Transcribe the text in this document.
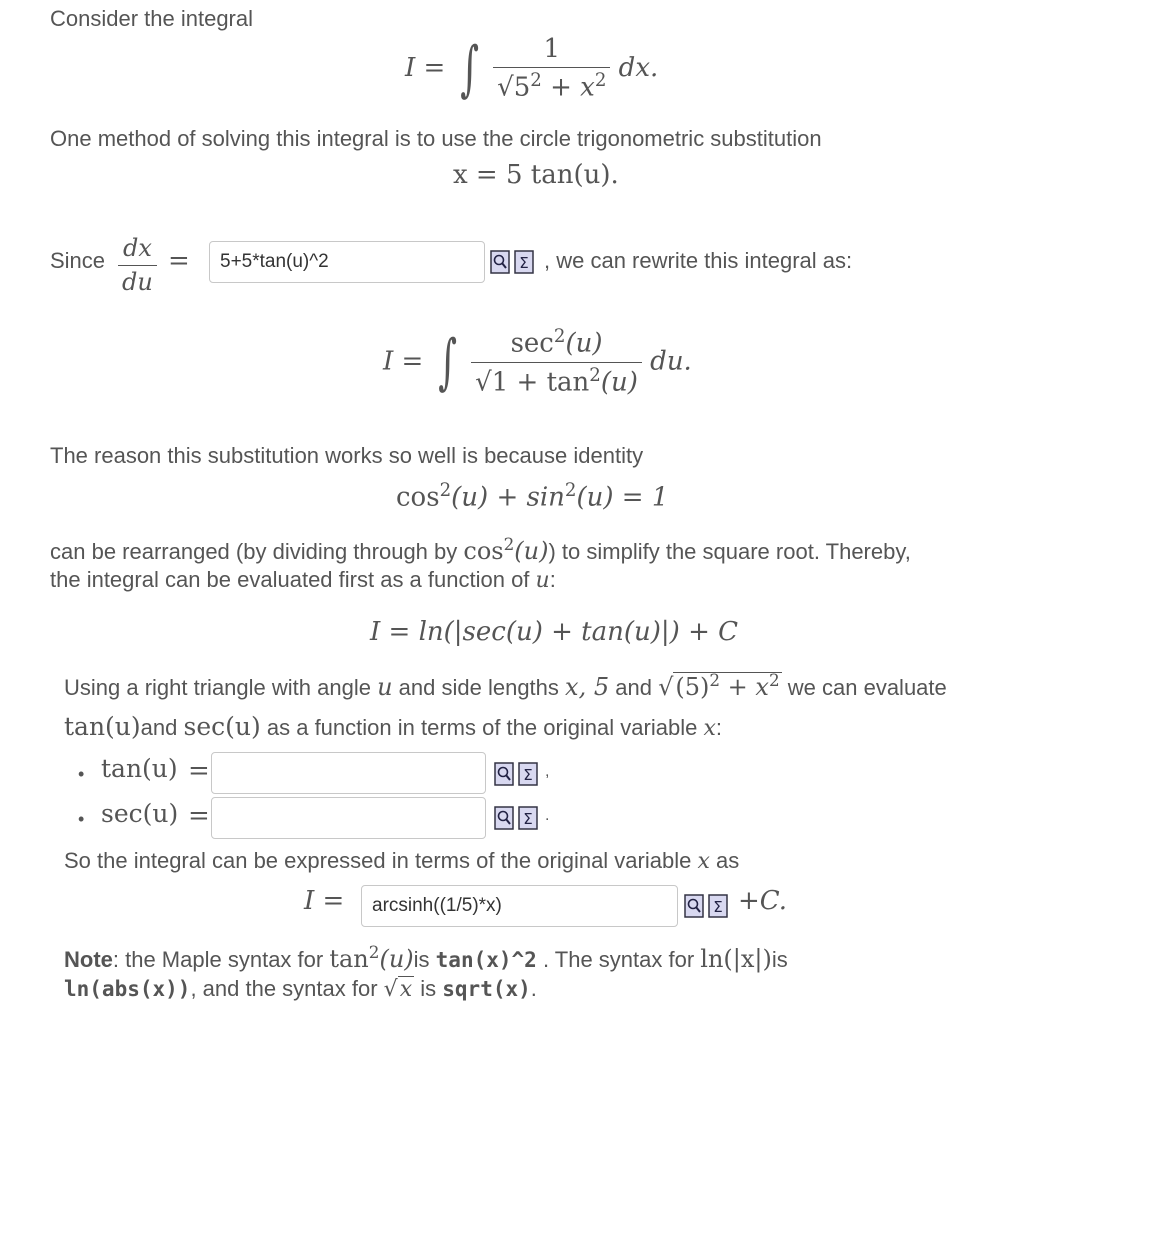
Consider the integral
I = ∫ $\frac{1}{√5^2 + x^2}$ dx.
One method of solving this integral is to use the circle trigonometric substitution
x = 5 tan(u).
Since $\frac{dx}{du}$ =
5+5*tan(u)^2	Σ , we can rewrite this integral as:
I = ∫ $\frac{\sec^2(u)}{√1 + \tan^2(u)}$ du.
The reason this substitution works so well is because identity
$\cos^2(u) + \sin^2(u) = 1$
can be rearranged (by dividing through by $\cos^2(u)$) to simplify the square root. Thereby,
the integral can be evaluated first as a function of u:
I = ln(|sec(u) + tan(u)|) + C
Using a right triangle with angle u and side lengths x, 5 and $√(5)^2 + x^2$ we can evaluate
tan(u)and sec(u) as a function in terms of the original variable x:
• tan(u) =	Σ ,
• sec(u) =	Σ .
So the integral can be expressed in terms of the original variable x as
I =
arcsinh((1/5)*x)	Σ +C.
Note: the Maple syntax for $\tan^2(u)is$ tan(x)^2 . The syntax for ln(|x|)is
ln(abs(x)), and the syntax for √x is sqrt(x).
